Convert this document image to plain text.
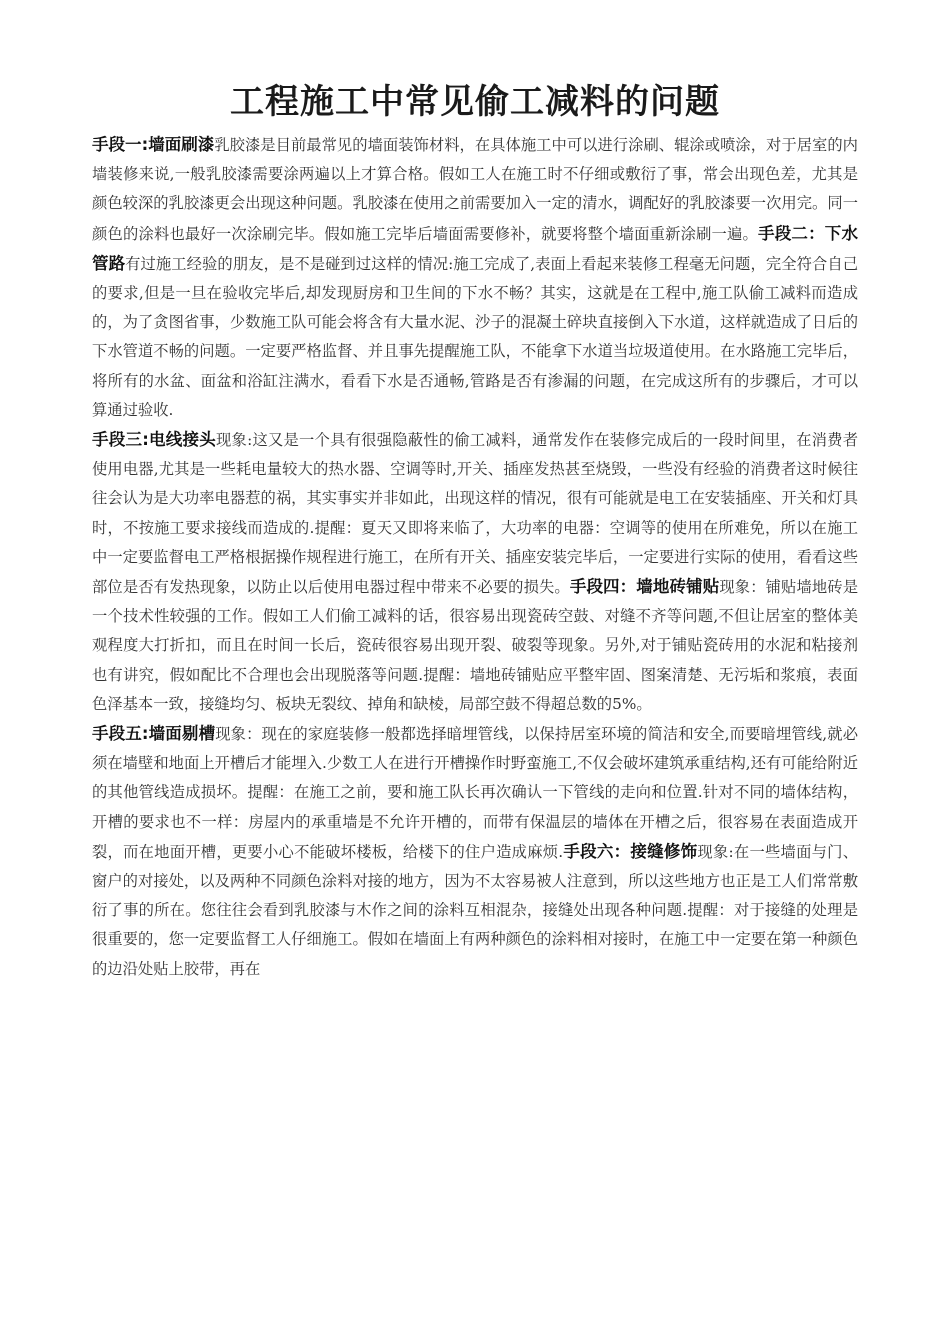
工程施工中常见偷工减料的问题

手段一:墙面刷漆乳胶漆是目前最常见的墙面装饰材料，在具体施工中可以进行涂刷、辊涂或喷涂，对于居室的内墙装修来说,一般乳胶漆需要涂两遍以上才算合格。假如工人在施工时不仔细或敷衍了事，常会出现色差，尤其是颜色较深的乳胶漆更会出现这种问题。乳胶漆在使用之前需要加入一定的清水，调配好的乳胶漆要一次用完。同一颜色的涂料也最好一次涂刷完毕。假如施工完毕后墙面需要修补，就要将整个墙面重新涂刷一遍。手段二：下水管路有过施工经验的朋友，是不是碰到过这样的情况:施工完成了,表面上看起来装修工程毫无问题，完全符合自己的要求,但是一旦在验收完毕后,却发现厨房和卫生间的下水不畅？其实，这就是在工程中,施工队偷工减料而造成的，为了贪图省事，少数施工队可能会将含有大量水泥、沙子的混凝土碎块直接倒入下水道，这样就造成了日后的下水管道不畅的问题。一定要严格监督、并且事先提醒施工队，不能拿下水道当垃圾道使用。在水路施工完毕后，将所有的水盆、面盆和浴缸注满水，看看下水是否通畅,管路是否有渗漏的问题，在完成这所有的步骤后，才可以算通过验收.

手段三:电线接头现象:这又是一个具有很强隐蔽性的偷工减料，通常发作在装修完成后的一段时间里，在消费者使用电器,尤其是一些耗电量较大的热水器、空调等时,开关、插座发热甚至烧毁，一些没有经验的消费者这时候往往会认为是大功率电器惹的祸，其实事实并非如此，出现这样的情况，很有可能就是电工在安装插座、开关和灯具时，不按施工要求接线而造成的.提醒：夏天又即将来临了，大功率的电器：空调等的使用在所难免，所以在施工中一定要监督电工严格根据操作规程进行施工，在所有开关、插座安装完毕后，一定要进行实际的使用，看看这些部位是否有发热现象，以防止以后使用电器过程中带来不必要的损失。手段四：墙地砖铺贴现象：铺贴墙地砖是一个技术性较强的工作。假如工人们偷工减料的话，很容易出现瓷砖空鼓、对缝不齐等问题,不但让居室的整体美观程度大打折扣，而且在时间一长后，瓷砖很容易出现开裂、破裂等现象。另外,对于铺贴瓷砖用的水泥和粘接剂也有讲究，假如配比不合理也会出现脱落等问题.提醒：墙地砖铺贴应平整牢固、图案清楚、无污垢和浆痕，表面色泽基本一致，接缝均匀、板块无裂纹、掉角和缺棱，局部空鼓不得超总数的5%。

手段五:墙面剔槽现象：现在的家庭装修一般都选择暗埋管线，以保持居室环境的简洁和安全,而要暗埋管线,就必须在墙壁和地面上开槽后才能埋入.少数工人在进行开槽操作时野蛮施工,不仅会破坏建筑承重结构,还有可能给附近的其他管线造成损坏。提醒：在施工之前，要和施工队长再次确认一下管线的走向和位置.针对不同的墙体结构，开槽的要求也不一样：房屋内的承重墙是不允许开槽的，而带有保温层的墙体在开槽之后，很容易在表面造成开裂，而在地面开槽，更要小心不能破坏楼板，给楼下的住户造成麻烦.手段六：接缝修饰现象:在一些墙面与门、窗户的对接处，以及两种不同颜色涂料对接的地方，因为不太容易被人注意到，所以这些地方也正是工人们常常敷衍了事的所在。您往往会看到乳胶漆与木作之间的涂料互相混杂，接缝处出现各种问题.提醒：对于接缝的处理是很重要的，您一定要监督工人仔细施工。假如在墙面上有两种颜色的涂料相对接时，在施工中一定要在第一种颜色的边沿处贴上胶带，再在
